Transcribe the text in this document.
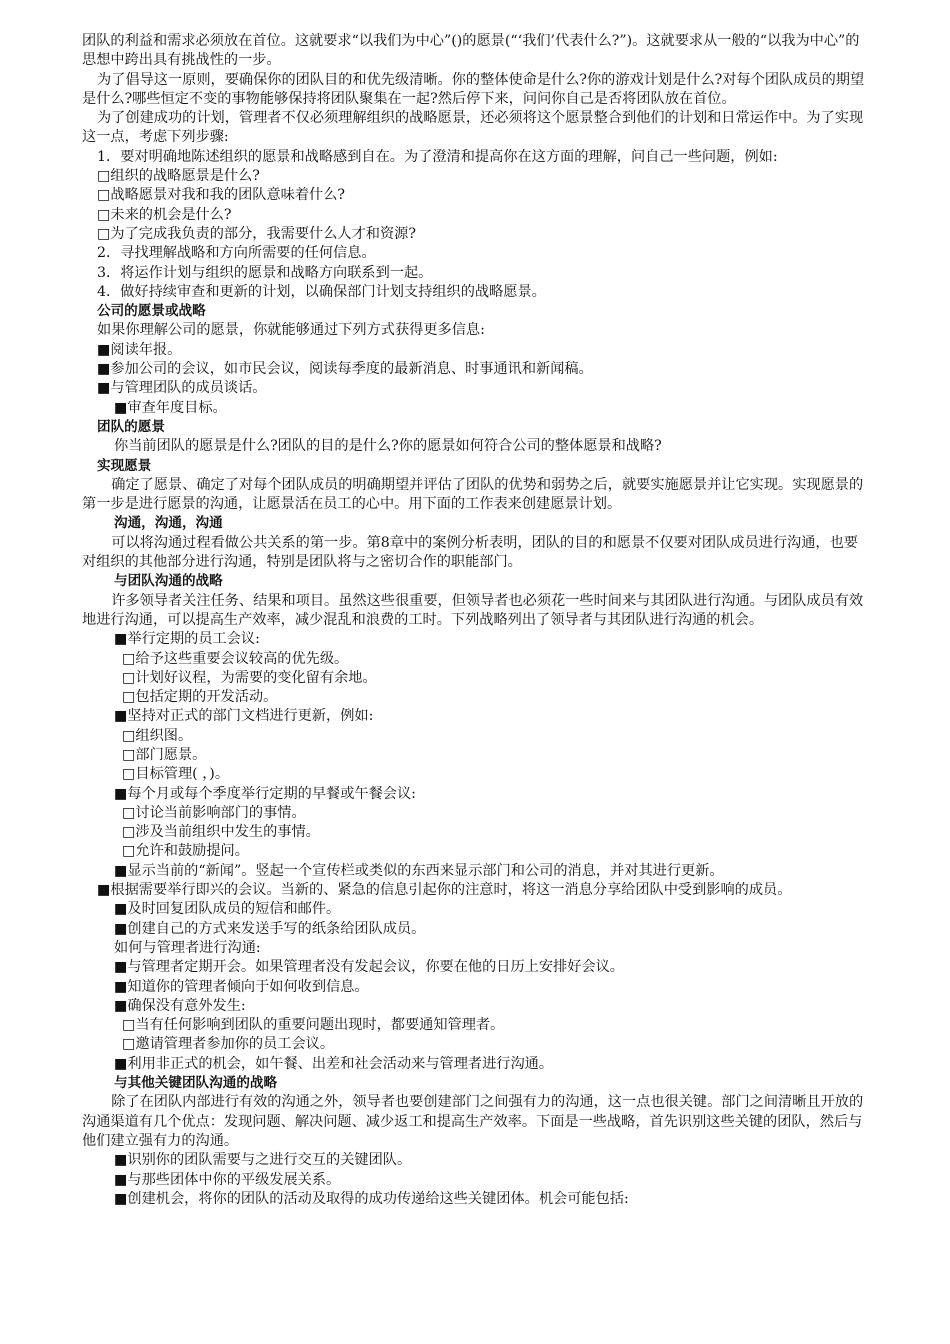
团队的利益和需求必须放在首位。这就要求“以我们为中心”()的愿景(“‘我们’代表什么?”)。这就要求从一般的“以我为中心”的思想中跨出具有挑战性的一步。

为了倡导这一原则，要确保你的团队目的和优先级清晰。你的整体使命是什么?你的游戏计划是什么?对每个团队成员的期望是什么?哪些恒定不变的事物能够保持将团队聚集在一起?然后停下来，问问你自己是否将团队放在首位。

为了创建成功的计划，管理者不仅必须理解组织的战略愿景，还必须将这个愿景整合到他们的计划和日常运作中。为了实现这一点，考虑下列步骤:

1．要对明确地陈述组织的愿景和战略感到自在。为了澄清和提高你在这方面的理解，问自己一些问题，例如:

□组织的战略愿景是什么?

□战略愿景对我和我的团队意味着什么?

□未来的机会是什么?

□为了完成我负责的部分，我需要什么人才和资源?

2．寻找理解战略和方向所需要的任何信息。

3．将运作计划与组织的愿景和战略方向联系到一起。

4．做好持续审查和更新的计划，以确保部门计划支持组织的战略愿景。

公司的愿景或战略

如果你理解公司的愿景，你就能够通过下列方式获得更多信息:

■阅读年报。

■参加公司的会议，如市民会议，阅读每季度的最新消息、时事通讯和新闻稿。

■与管理团队的成员谈话。

■审查年度目标。

团队的愿景

你当前团队的愿景是什么?团队的目的是什么?你的愿景如何符合公司的整体愿景和战略?

实现愿景

　确定了愿景、确定了对每个团队成员的明确期望并评估了团队的优势和弱势之后，就要实施愿景并让它实现。实现愿景的第一步是进行愿景的沟通，让愿景活在员工的心中。用下面的工作表来创建愿景计划。

沟通，沟通，沟通

　可以将沟通过程看做公共关系的第一步。第8章中的案例分析表明，团队的目的和愿景不仅要对团队成员进行沟通，也要对组织的其他部分进行沟通，特别是团队将与之密切合作的职能部门。

与团队沟通的战略

　许多领导者关注任务、结果和项目。虽然这些很重要，但领导者也必须花一些时间来与其团队进行沟通。与团队成员有效地进行沟通，可以提高生产效率，减少混乱和浪费的工时。下列战略列出了领导者与其团队进行沟通的机会。

■举行定期的员工会议:

□给予这些重要会议较高的优先级。

□计划好议程，为需要的变化留有余地。

□包括定期的开发活动。

■坚持对正式的部门文档进行更新，例如:

□组织图。

□部门愿景。

□目标管理( ，)。

■每个月或每个季度举行定期的早餐或午餐会议:

□讨论当前影响部门的事情。

□涉及当前组织中发生的事情。

□允许和鼓励提问。

■显示当前的“新闻”。竖起一个宣传栏或类似的东西来显示部门和公司的消息，并对其进行更新。

■根据需要举行即兴的会议。当新的、紧急的信息引起你的注意时，将这一消息分享给团队中受到影响的成员。

■及时回复团队成员的短信和邮件。

■创建自己的方式来发送手写的纸条给团队成员。

如何与管理者进行沟通:

■与管理者定期开会。如果管理者没有发起会议，你要在他的日历上安排好会议。

■知道你的管理者倾向于如何收到信息。

■确保没有意外发生:

□当有任何影响到团队的重要问题出现时，都要通知管理者。

□邀请管理者参加你的员工会议。

■利用非正式的机会，如午餐、出差和社会活动来与管理者进行沟通。

与其他关键团队沟通的战略

　除了在团队内部进行有效的沟通之外，领导者也要创建部门之间强有力的沟通，这一点也很关键。部门之间清晰且开放的沟通渠道有几个优点：发现问题、解决问题、减少返工和提高生产效率。下面是一些战略，首先识别这些关键的团队，然后与他们建立强有力的沟通。

■识别你的团队需要与之进行交互的关键团队。

■与那些团体中你的平级发展关系。

■创建机会，将你的团队的活动及取得的成功传递给这些关键团体。机会可能包括:
